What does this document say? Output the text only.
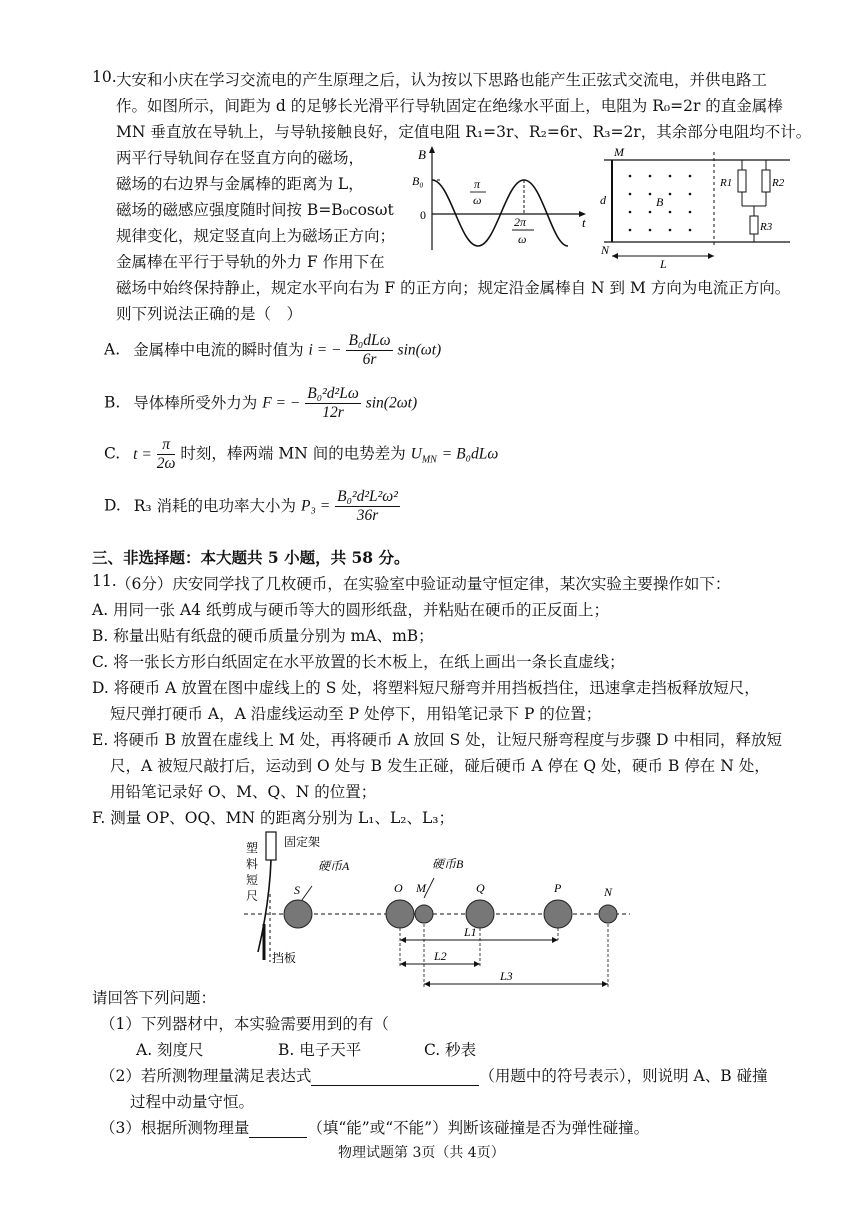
10. 大安和小庆在学习交流电的产生原理之后，认为按以下思路也能产生正弦式交流电，并供电路工
作。如图所示，间距为 d 的足够长光滑平行导轨固定在绝缘水平面上，电阻为 R₀=2r 的直金属棒
MN 垂直放在导轨上，与导轨接触良好，定值电阻 R₁=3r、R₂=6r、R₃=2r，其余部分电阻均不计。
两平行导轨间存在竖直方向的磁场，
磁场的右边界与金属棒的距离为 L，
磁场的磁感应强度随时间按 B=B₀cosωt
规律变化，规定竖直向上为磁场正方向；
金属棒在平行于导轨的外力 F 作用下在
磁场中始终保持静止，规定水平向右为 F 的正方向；规定沿金属棒自 N 到 M 方向为电流正方向。
则下列说法正确的是（　）
B
B₀
0	t
π
ω
2π
ω
M
N
d	B
L
R1	R2
R3
A. 金属棒中电流的瞬时值为 i = − $\frac{\text{B₀dLω}}{6r} \sin(\omega t)$
B. 导体棒所受外力为 F = − $\frac{\text{B₀²d²Lω}}{12r} \sin(2\omega t)$
C. $t = \frac{\pi}{2\omega}$ 时刻，棒两端 MN 间的电势差为 $U_{MN} = B_0dL\omega$
D. R₃ 消耗的电功率大小为 $P_3 = \frac{\text{B₀²d²L²ω²}}{36r}$
三、非选择题：本大题共 5 小题，共 58 分。
11. （6分）庆安同学找了几枚硬币，在实验室中验证动量守恒定律，某次实验主要操作如下：
A. 用同一张 A4 纸剪成与硬币等大的圆形纸盘，并粘贴在硬币的正反面上；
B. 称量出贴有纸盘的硬币质量分别为 mA、mB；
C. 将一张长方形白纸固定在水平放置的长木板上，在纸上画出一条长直虚线；
D. 将硬币 A 放置在图中虚线上的 S 处，将塑料短尺掰弯并用挡板挡住，迅速拿走挡板释放短尺，
短尺弹打硬币 A，A 沿虚线运动至 P 处停下，用铅笔记录下 P 的位置；
E. 将硬币 B 放置在虚线上 M 处，再将硬币 A 放回 S 处，让短尺掰弯程度与步骤 D 中相同，释放短
尺，A 被短尺敲打后，运动到 O 处与 B 发生正碰，碰后硬币 A 停在 Q 处，硬币 B 停在 N 处，
用铅笔记录好 O、M、Q、N 的位置；
F. 测量 OP、OQ、MN 的距离分别为 L₁、L₂、L₃；
固定架
塑
料
短
尺
硬币A	硬币B
挡板
S	O M	Q	P	N
L1
L2
L3
请回答下列问题：
（1）下列器材中，本实验需要用到的有（
A. 刻度尺	B. 电子天平	C. 秒表
（2）若所测物理量满足表达式	（用题中的符号表示），则说明 A、B 碰撞
过程中动量守恒。
（3）根据所测物理量	（填“能”或“不能”）判断该碰撞是否为弹性碰撞。
物理试题第 3页（共 4页）
